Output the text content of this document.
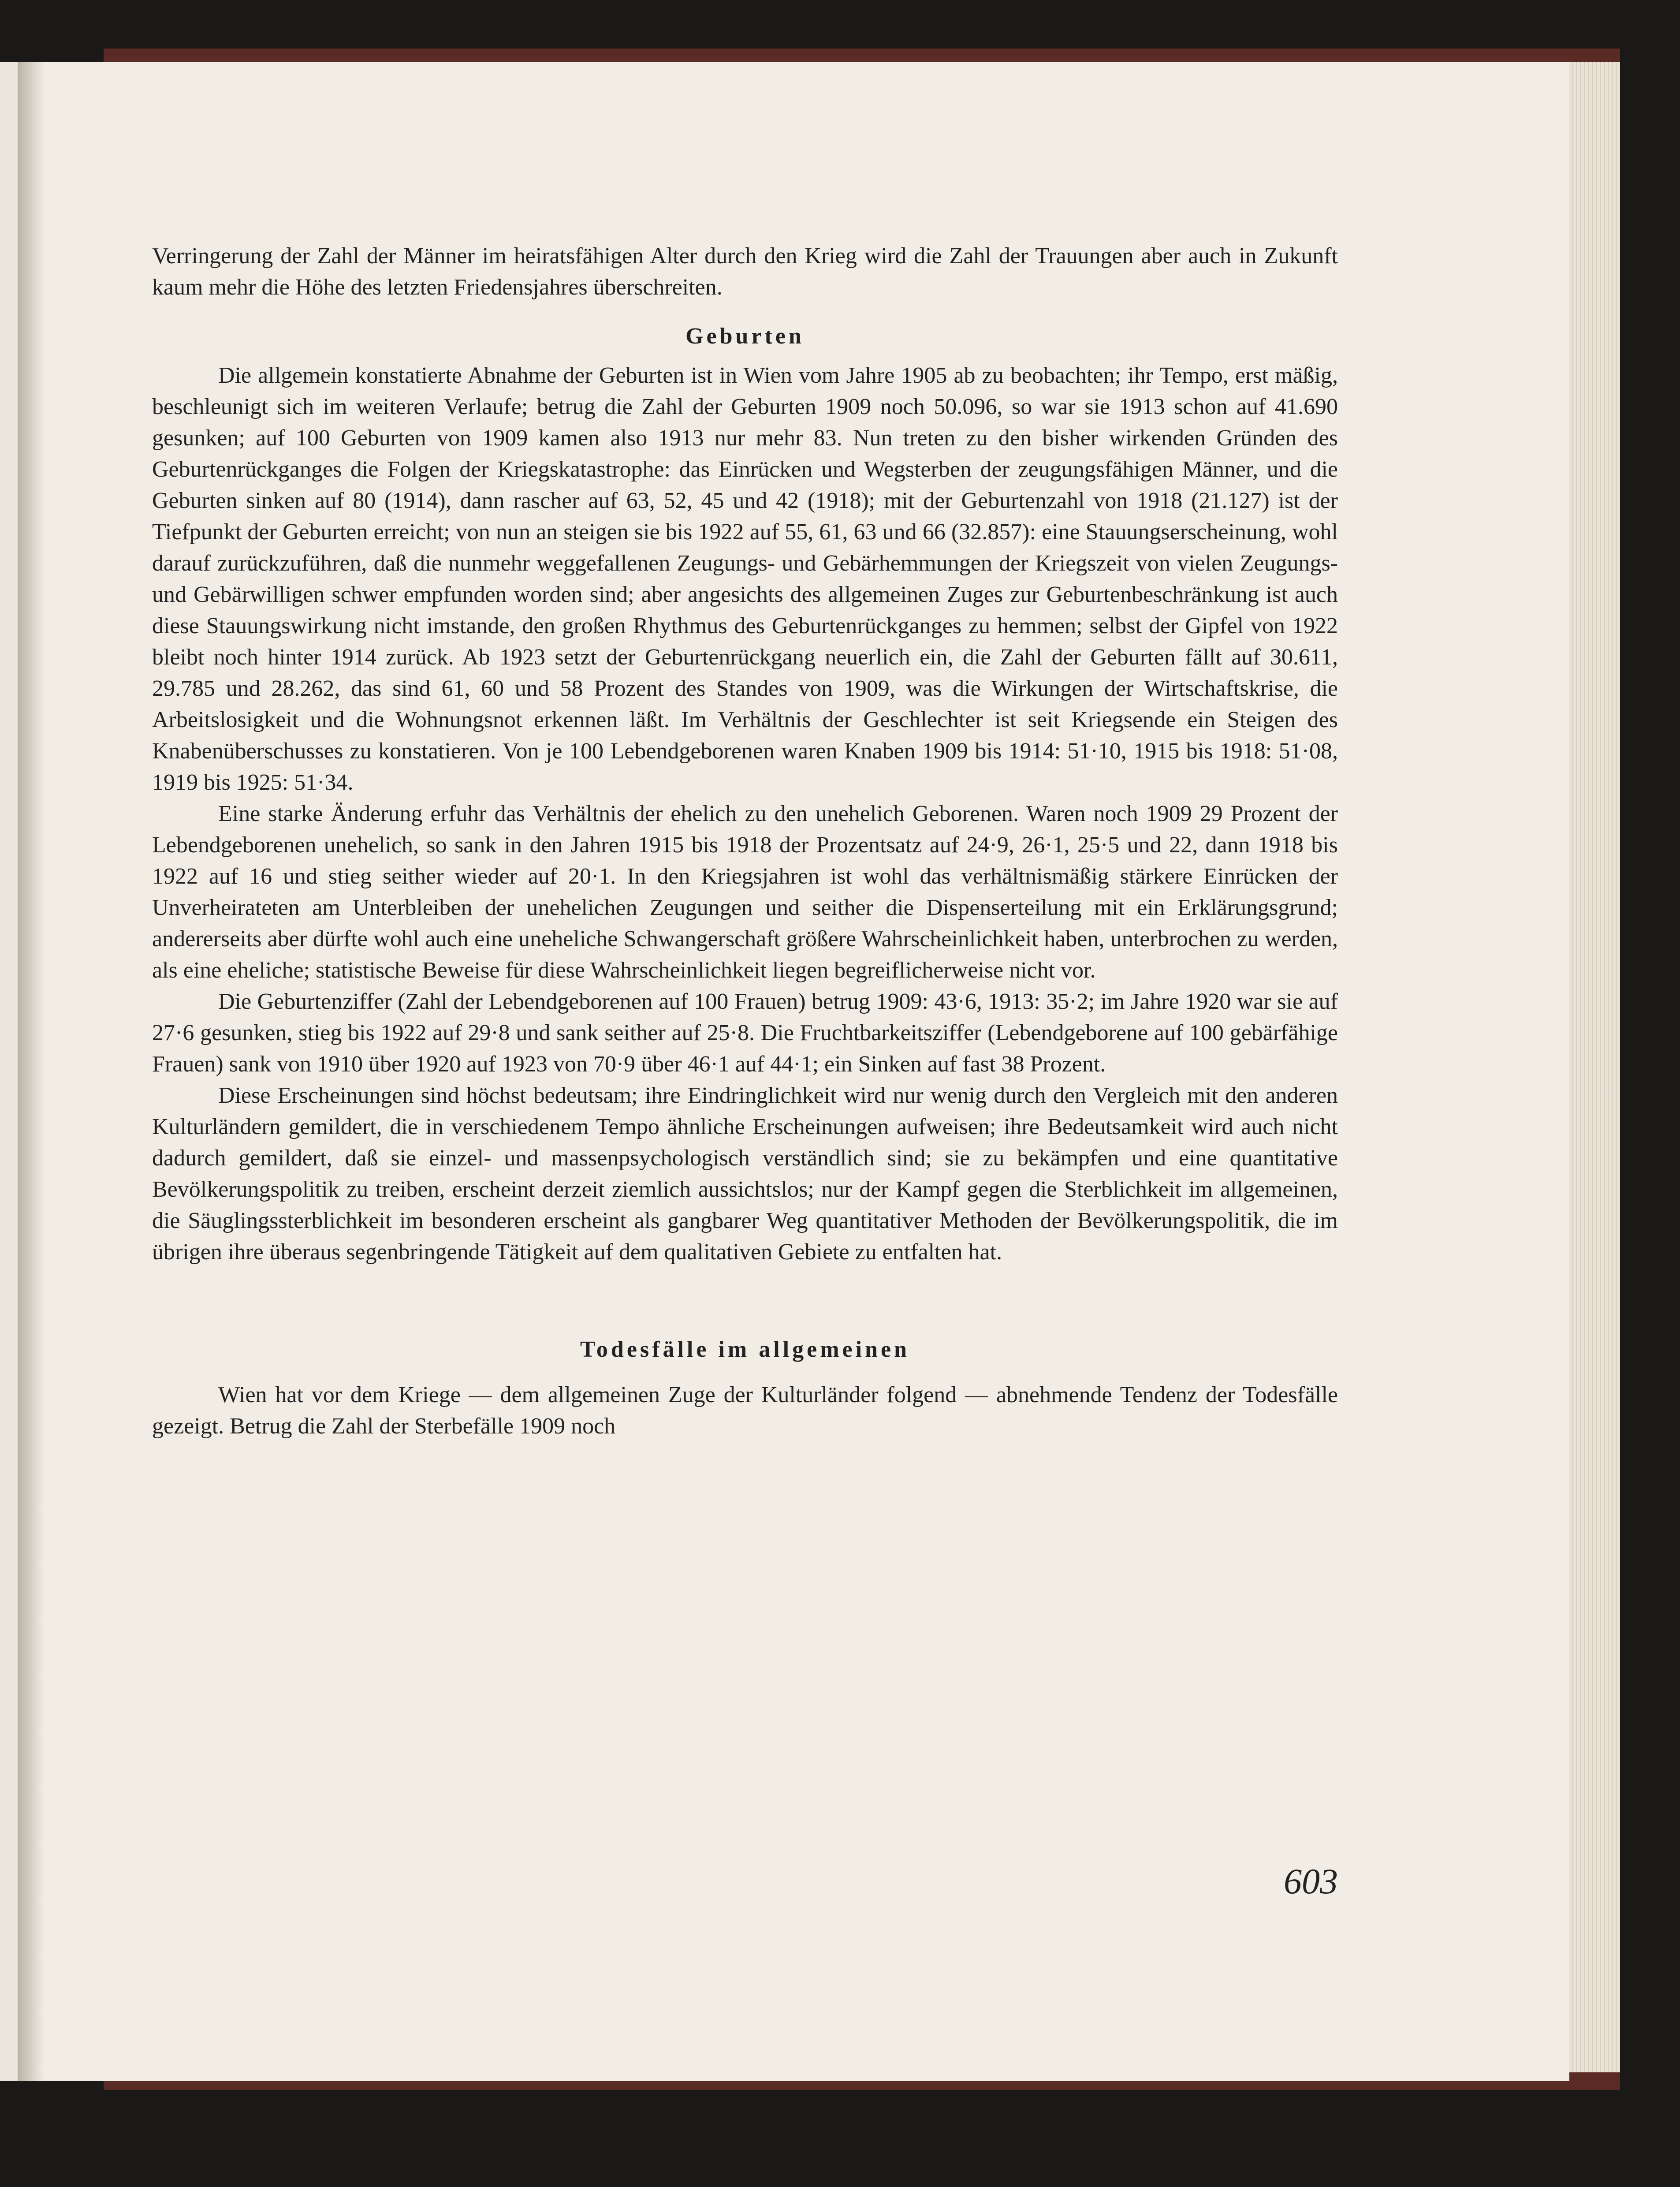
Verringerung der Zahl der Männer im heiratsfähigen Alter durch den Krieg wird die Zahl der Trauungen aber auch in Zukunft kaum mehr die Höhe des letzten Friedensjahres überschreiten.

Geburten

Die allgemein konstatierte Abnahme der Geburten ist in Wien vom Jahre 1905 ab zu beobachten; ihr Tempo, erst mäßig, beschleunigt sich im weiteren Verlaufe; betrug die Zahl der Geburten 1909 noch 50.096, so war sie 1913 schon auf 41.690 gesunken; auf 100 Geburten von 1909 kamen also 1913 nur mehr 83. Nun treten zu den bisher wirkenden Gründen des Geburtenrückganges die Folgen der Kriegskatastrophe: das Einrücken und Wegsterben der zeugungsfähigen Männer, und die Geburten sinken auf 80 (1914), dann rascher auf 63, 52, 45 und 42 (1918); mit der Geburtenzahl von 1918 (21.127) ist der Tiefpunkt der Geburten erreicht; von nun an steigen sie bis 1922 auf 55, 61, 63 und 66 (32.857): eine Stauungserscheinung, wohl darauf zurückzuführen, daß die nunmehr weggefallenen Zeugungs- und Gebärhemmungen der Kriegszeit von vielen Zeugungs- und Gebärwilligen schwer empfunden worden sind; aber angesichts des allgemeinen Zuges zur Geburtenbeschränkung ist auch diese Stauungswirkung nicht imstande, den großen Rhythmus des Geburtenrückganges zu hemmen; selbst der Gipfel von 1922 bleibt noch hinter 1914 zurück. Ab 1923 setzt der Geburtenrückgang neuerlich ein, die Zahl der Geburten fällt auf 30.611, 29.785 und 28.262, das sind 61, 60 und 58 Prozent des Standes von 1909, was die Wirkungen der Wirtschaftskrise, die Arbeitslosigkeit und die Wohnungsnot erkennen läßt. Im Verhältnis der Geschlechter ist seit Kriegsende ein Steigen des Knabenüberschusses zu konstatieren. Von je 100 Lebendgeborenen waren Knaben 1909 bis 1914: 51·10, 1915 bis 1918: 51·08, 1919 bis 1925: 51·34.

Eine starke Änderung erfuhr das Verhältnis der ehelich zu den unehelich Geborenen. Waren noch 1909 29 Prozent der Lebendgeborenen unehelich, so sank in den Jahren 1915 bis 1918 der Prozentsatz auf 24·9, 26·1, 25·5 und 22, dann 1918 bis 1922 auf 16 und stieg seither wieder auf 20·1. In den Kriegsjahren ist wohl das verhältnismäßig stärkere Einrücken der Unverheirateten am Unterbleiben der unehelichen Zeugungen und seither die Dispenserteilung mit ein Erklärungsgrund; andererseits aber dürfte wohl auch eine uneheliche Schwangerschaft größere Wahrscheinlichkeit haben, unterbrochen zu werden, als eine eheliche; statistische Beweise für diese Wahrscheinlichkeit liegen begreiflicherweise nicht vor.

Die Geburtenziffer (Zahl der Lebendgeborenen auf 100 Frauen) betrug 1909: 43·6, 1913: 35·2; im Jahre 1920 war sie auf 27·6 gesunken, stieg bis 1922 auf 29·8 und sank seither auf 25·8. Die Fruchtbarkeitsziffer (Lebendgeborene auf 100 gebärfähige Frauen) sank von 1910 über 1920 auf 1923 von 70·9 über 46·1 auf 44·1; ein Sinken auf fast 38 Prozent.

Diese Erscheinungen sind höchst bedeutsam; ihre Eindringlichkeit wird nur wenig durch den Vergleich mit den anderen Kulturländern gemildert, die in verschiedenem Tempo ähnliche Erscheinungen aufweisen; ihre Bedeutsamkeit wird auch nicht dadurch gemildert, daß sie einzel- und massenpsychologisch verständlich sind; sie zu bekämpfen und eine quantitative Bevölkerungspolitik zu treiben, erscheint derzeit ziemlich aussichtslos; nur der Kampf gegen die Sterblichkeit im allgemeinen, die Säuglingssterblichkeit im besonderen erscheint als gangbarer Weg quantitativer Methoden der Bevölkerungspolitik, die im übrigen ihre überaus segenbringende Tätigkeit auf dem qualitativen Gebiete zu entfalten hat.

Todesfälle im allgemeinen

Wien hat vor dem Kriege — dem allgemeinen Zuge der Kulturländer folgend — abnehmende Tendenz der Todesfälle gezeigt. Betrug die Zahl der Sterbefälle 1909 noch

603
